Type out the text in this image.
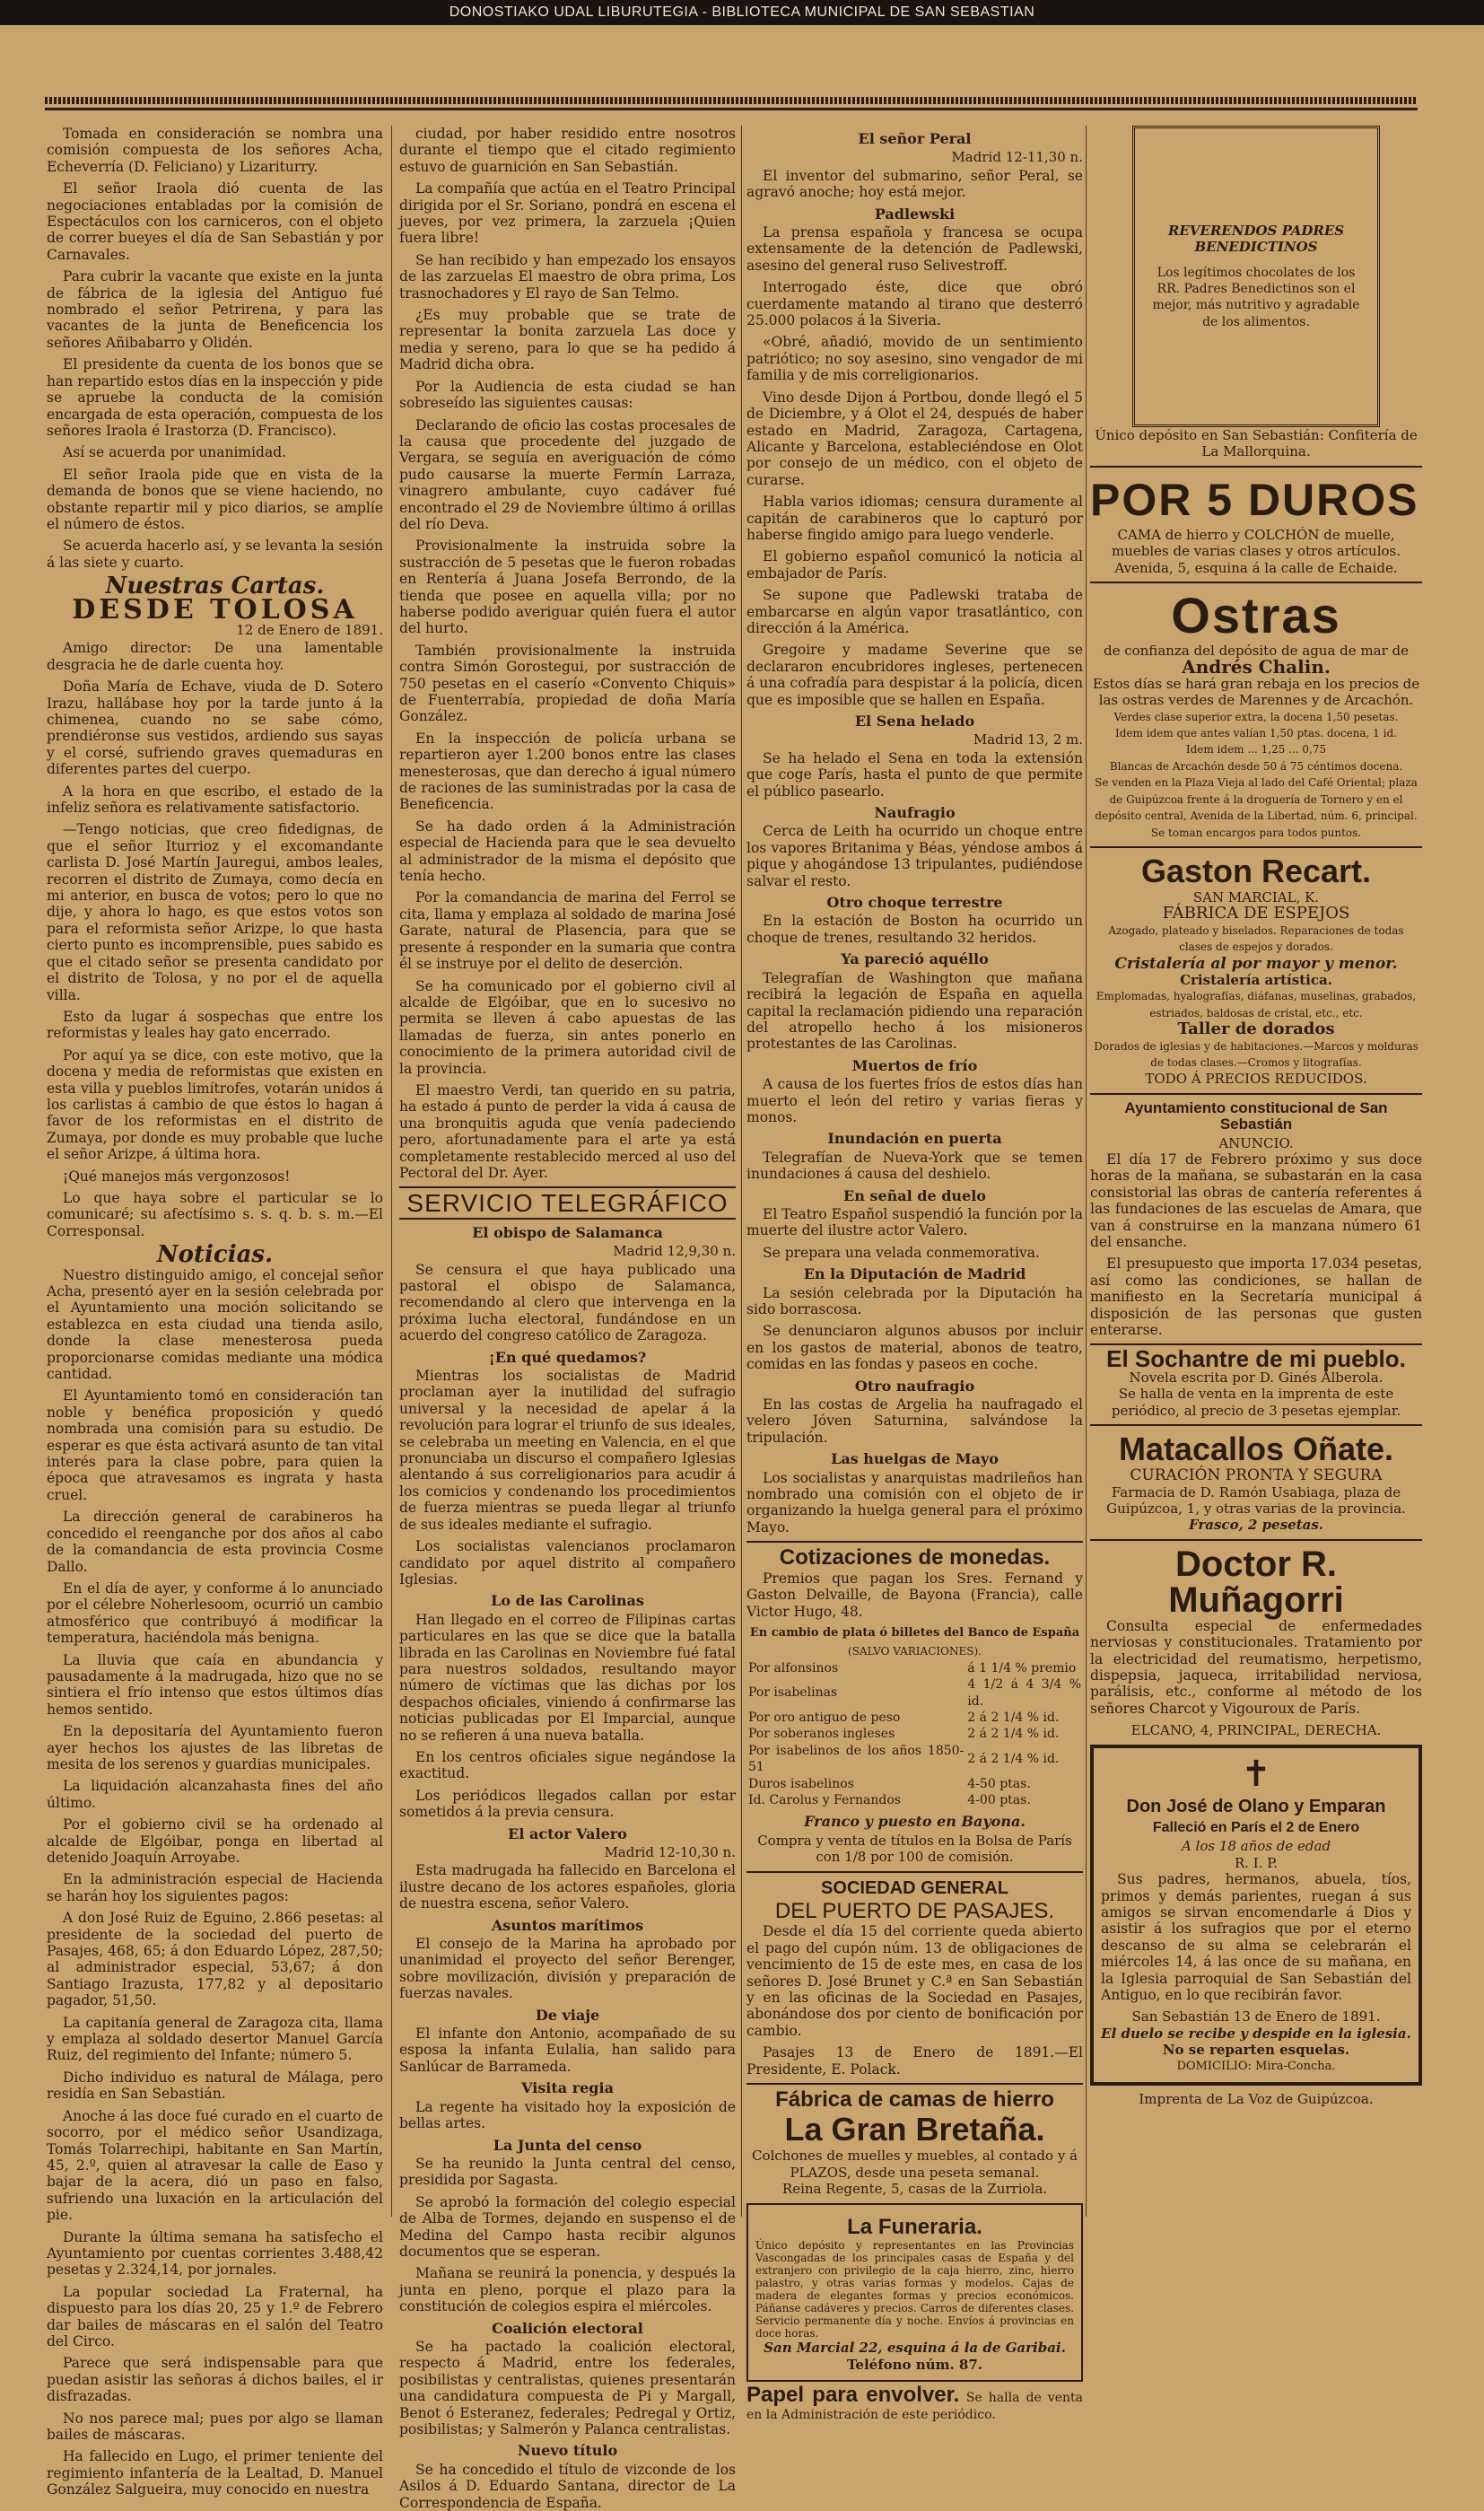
DONOSTIAKO UDAL LIBURUTEGIA - BIBLIOTECA MUNICIPAL DE SAN SEBASTIAN

Tomada en consideración se nombra una comisión compuesta de los señores Acha, Echeverría (D. Feliciano) y Lizariturry.

El señor Iraola dió cuenta de las negociaciones entabladas por la comisión de Espectáculos con los carniceros, con el objeto de correr bueyes el día de San Sebastián y por Carnavales.

Para cubrir la vacante que existe en la junta de fábrica de la iglesia del Antiguo fué nombrado el señor Petrirena, y para las vacantes de la junta de Beneficencia los señores Añibabarro y Olidén.

El presidente da cuenta de los bonos que se han repartido estos días en la inspección y pide se apruebe la conducta de la comisión encargada de esta operación, compuesta de los señores Iraola é Irastorza (D. Francisco).

Así se acuerda por unanimidad.

El señor Iraola pide que en vista de la demanda de bonos que se viene haciendo, no obstante repartir mil y pico diarios, se amplíe el número de éstos.

Se acuerda hacerlo así, y se levanta la sesión á las siete y cuarto.

Nuestras Cartas.
DESDE TOLOSA
12 de Enero de 1891.

Amigo director: De una lamentable desgracia he de darle cuenta hoy.

Doña María de Echave, viuda de D. Sotero Irazu, hallábase hoy por la tarde junto á la chimenea, cuando no se sabe cómo, prendiéronse sus vestidos, ardiendo sus sayas y el corsé, sufriendo graves quemaduras en diferentes partes del cuerpo.

A la hora en que escribo, el estado de la infeliz señora es relativamente satisfactorio.

—Tengo noticias, que creo fidedignas, de que el señor Iturrioz y el excomandante carlista D. José Martín Jauregui, ambos leales, recorren el distrito de Zumaya, como decía en mi anterior, en busca de votos; pero lo que no dije, y ahora lo hago, es que estos votos son para el reformista señor Arizpe, lo que hasta cierto punto es incomprensible, pues sabido es que el citado señor se presenta candidato por el distrito de Tolosa, y no por el de aquella villa.

Esto da lugar á sospechas que entre los reformistas y leales hay gato encerrado.

Por aquí ya se dice, con este motivo, que la docena y media de reformistas que existen en esta villa y pueblos limítrofes, votarán unidos á los carlistas á cambio de que éstos lo hagan á favor de los reformistas en el distrito de Zumaya, por donde es muy probable que luche el señor Arizpe, á última hora.

¡Qué manejos más vergonzosos!

Lo que haya sobre el particular se lo comunicaré; su afectísimo s. s. q. b. s. m.—El Corresponsal.

Noticias.

Nuestro distinguido amigo, el concejal señor Acha, presentó ayer en la sesión celebrada por el Ayuntamiento una moción solicitando se establezca en esta ciudad una tienda asilo, donde la clase menesterosa pueda proporcionarse comidas mediante una módica cantidad.

El Ayuntamiento tomó en consideración tan noble y benéfica proposición y quedó nombrada una comisión para su estudio. De esperar es que ésta activará asunto de tan vital interés para la clase pobre, para quien la época que atravesamos es ingrata y hasta cruel.

La dirección general de carabineros ha concedido el reenganche por dos años al cabo de la comandancia de esta provincia Cosme Dallo.

En el día de ayer, y conforme á lo anunciado por el célebre Noherlesoom, ocurrió un cambio atmosférico que contribuyó á modificar la temperatura, haciéndola más benigna.

La lluvia que caía en abundancia y pausadamente á la madrugada, hizo que no se sintiera el frío intenso que estos últimos días hemos sentido.

En la depositaría del Ayuntamiento fueron ayer hechos los ajustes de las libretas de mesita de los serenos y guardias municipales.

La liquidación alcanzahasta fines del año último.

Por el gobierno civil se ha ordenado al alcalde de Elgóibar, ponga en libertad al detenido Joaquín Arroyabe.

En la administración especial de Hacienda se harán hoy los siguientes pagos:

A don José Ruiz de Eguino, 2.866 pesetas: al presidente de la sociedad del puerto de Pasajes, 468, 65; á don Eduardo López, 287,50; al administrador especial, 53,67; á don Santiago Irazusta, 177,82 y al depositario pagador, 51,50.

La capitanía general de Zaragoza cita, llama y emplaza al soldado desertor Manuel García Ruiz, del regimiento del Infante; número 5.

Dicho individuo es natural de Málaga, pero residía en San Sebastián.

Anoche á las doce fué curado en el cuarto de socorro, por el médico señor Usandizaga, Tomás Tolarrechipi, habitante en San Martín, 45, 2.º, quien al atravesar la calle de Easo y bajar de la acera, dió un paso en falso, sufriendo una luxación en la articulación del pie.

Durante la última semana ha satisfecho el Ayuntamiento por cuentas corrientes 3.488,42 pesetas y 2.324,14, por jornales.

La popular sociedad La Fraternal, ha dispuesto para los días 20, 25 y 1.º de Febrero dar bailes de máscaras en el salón del Teatro del Circo.

Parece que será indispensable para que puedan asistir las señoras á dichos bailes, el ir disfrazadas.

No nos parece mal; pues por algo se llaman bailes de máscaras.

Ha fallecido en Lugo, el primer teniente del regimiento infantería de la Lealtad, D. Manuel González Salgueira, muy conocido en nuestra

ciudad, por haber residido entre nosotros durante el tiempo que el citado regimiento estuvo de guarnición en San Sebastián.

La compañía que actúa en el Teatro Principal dirigida por el Sr. Soriano, pondrá en escena el jueves, por vez primera, la zarzuela ¡Quien fuera libre!

Se han recibido y han empezado los ensayos de las zarzuelas El maestro de obra prima, Los trasnochadores y El rayo de San Telmo.

¿Es muy probable que se trate de representar la bonita zarzuela Las doce y media y sereno, para lo que se ha pedido á Madrid dicha obra.

Por la Audiencia de esta ciudad se han sobreseído las siguientes causas:

Declarando de oficio las costas procesales de la causa que procedente del juzgado de Vergara, se seguía en averiguación de cómo pudo causarse la muerte Fermín Larraza, vinagrero ambulante, cuyo cadáver fué encontrado el 29 de Noviembre último á orillas del río Deva.

Provisionalmente la instruida sobre la sustracción de 5 pesetas que le fueron robadas en Rentería á Juana Josefa Berrondo, de la tienda que posee en aquella villa; por no haberse podido averiguar quién fuera el autor del hurto.

También provisionalmente la instruida contra Simón Gorostegui, por sustracción de 750 pesetas en el caserío «Convento Chiquis» de Fuenterrabía, propiedad de doña María González.

En la inspección de policía urbana se repartieron ayer 1.200 bonos entre las clases menesterosas, que dan derecho á igual número de raciones de las suministradas por la casa de Beneficencia.

Se ha dado orden á la Administración especial de Hacienda para que le sea devuelto al administrador de la misma el depósito que tenía hecho.

Por la comandancia de marina del Ferrol se cita, llama y emplaza al soldado de marina José Garate, natural de Plasencia, para que se presente á responder en la sumaria que contra él se instruye por el delito de deserción.

Se ha comunicado por el gobierno civil al alcalde de Elgóibar, que en lo sucesivo no permita se lleven á cabo apuestas de las llamadas de fuerza, sin antes ponerlo en conocimiento de la primera autoridad civil de la provincia.

El maestro Verdi, tan querido en su patria, ha estado á punto de perder la vida á causa de una bronquitis aguda que venía padeciendo pero, afortunadamente para el arte ya está completamente restablecido merced al uso del Pectoral del Dr. Ayer.

SERVICIO TELEGRÁFICO
El obispo de Salamanca
Madrid 12,9,30 n.

Se censura el que haya publicado una pastoral el obispo de Salamanca, recomendando al clero que intervenga en la próxima lucha electoral, fundándose en un acuerdo del congreso católico de Zaragoza.

¡En qué quedamos?

Mientras los socialistas de Madrid proclaman ayer la inutilidad del sufragio universal y la necesidad de apelar á la revolución para lograr el triunfo de sus ideales, se celebraba un meeting en Valencia, en el que pronunciaba un discurso el compañero Iglesias alentando á sus correligionarios para acudir á los comicios y condenando los procedimientos de fuerza mientras se pueda llegar al triunfo de sus ideales mediante el sufragio.

Los socialistas valencianos proclamaron candidato por aquel distrito al compañero Iglesias.

Lo de las Carolinas

Han llegado en el correo de Filipinas cartas particulares en las que se dice que la batalla librada en las Carolinas en Noviembre fué fatal para nuestros soldados, resultando mayor número de víctimas que las dichas por los despachos oficiales, viniendo á confirmarse las noticias publicadas por El Imparcial, aunque no se refieren á una nueva batalla.

En los centros oficiales sigue negándose la exactitud.

Los periódicos llegados callan por estar sometidos á la previa censura.

El actor Valero
Madrid 12-10,30 n.

Esta madrugada ha fallecido en Barcelona el ilustre decano de los actores españoles, gloria de nuestra escena, señor Valero.

Asuntos marítimos

El consejo de la Marina ha aprobado por unanimidad el proyecto del señor Berenger, sobre movilización, división y preparación de fuerzas navales.

De viaje

El infante don Antonio, acompañado de su esposa la infanta Eulalia, han salido para Sanlúcar de Barrameda.

Visita regia

La regente ha visitado hoy la exposición de bellas artes.

La Junta del censo

Se ha reunido la Junta central del censo, presidida por Sagasta.

Se aprobó la formación del colegio especial de Alba de Tormes, dejando en suspenso el de Medina del Campo hasta recibir algunos documentos que se esperan.

Mañana se reunirá la ponencia, y después la junta en pleno, porque el plazo para la constitución de colegios espira el miércoles.

Coalición electoral

Se ha pactado la coalición electoral, respecto á Madrid, entre los federales, posibilistas y centralistas, quienes presentarán una candidatura compuesta de Pi y Margall, Benot ó Esteranez, federales; Pedregal y Ortiz, posibilistas; y Salmerón y Palanca centralistas.

Nuevo título

Se ha concedido el título de vizconde de los Asilos á D. Eduardo Santana, director de La Correspondencia de España.

El señor Peral
Madrid 12-11,30 n.

El inventor del submarino, señor Peral, se agravó anoche; hoy está mejor.

Padlewski

La prensa española y francesa se ocupa extensamente de la detención de Padlewski, asesino del general ruso Selivestroff.

Interrogado éste, dice que obró cuerdamente matando al tirano que desterró 25.000 polacos á la Siveria.

«Obré, añadió, movido de un sentimiento patriótico; no soy asesino, sino vengador de mi familia y de mis correligionarios.

Vino desde Dijon á Portbou, donde llegó el 5 de Diciembre, y á Olot el 24, después de haber estado en Madrid, Zaragoza, Cartagena, Alicante y Barcelona, estableciéndose en Olot por consejo de un médico, con el objeto de curarse.

Habla varios idiomas; censura duramente al capitán de carabineros que lo capturó por haberse fingido amigo para luego venderle.

El gobierno español comunicó la noticia al embajador de París.

Se supone que Padlewski trataba de embarcarse en algún vapor trasatlántico, con dirección á la América.

Gregoire y madame Severine que se declararon encubridores ingleses, pertenecen á una cofradía para despistar á la policía, dicen que es imposible que se hallen en España.

El Sena helado
Madrid 13, 2 m.

Se ha helado el Sena en toda la extensión que coge París, hasta el punto de que permite el público pasearlo.

Naufragio

Cerca de Leith ha ocurrido un choque entre los vapores Britanima y Béas, yéndose ambos á pique y ahogándose 13 tripulantes, pudiéndose salvar el resto.

Otro choque terrestre

En la estación de Boston ha ocurrido un choque de trenes, resultando 32 heridos.

Ya pareció aquéllo

Telegrafían de Washington que mañana recibirá la legación de España en aquella capital la reclamación pidiendo una reparación del atropello hecho á los misioneros protestantes de las Carolinas.

Muertos de frío

A causa de los fuertes fríos de estos días han muerto el león del retiro y varias fieras y monos.

Inundación en puerta

Telegrafían de Nueva-York que se temen inundaciones á causa del deshielo.

En señal de duelo

El Teatro Español suspendió la función por la muerte del ilustre actor Valero.

Se prepara una velada conmemorativa.

En la Diputación de Madrid

La sesión celebrada por la Diputación ha sido borrascosa.

Se denunciaron algunos abusos por incluir en los gastos de material, abonos de teatro, comidas en las fondas y paseos en coche.

Otro naufragio

En las costas de Argelia ha naufragado el velero Jóven Saturnina, salvándose la tripulación.

Las huelgas de Mayo

Los socialistas y anarquistas madrileños han nombrado una comisión con el objeto de ir organizando la huelga general para el próximo Mayo.

Cotizaciones de monedas.

Premios que pagan los Sres. Fernand y Gaston Delvaille, de Bayona (Francia), calle Victor Hugo, 48.

En cambio de plata ó billetes del Banco de España
(SALVO VARIACIONES).
Por alfonsinos	á 1 1/4 % premio
Por isabelinas	4 1/2 á 4 3/4 % id.
Por oro antiguo de peso	2 á 2 1/4 % id.
Por soberanos ingleses	2 á 2 1/4 % id.
Por isabelinos de los años 1850-51	2 á 2 1/4 % id.
Duros isabelinos	4-50 ptas.
Id. Carolus y Fernandos	4-00 ptas.
Franco y puesto en Bayona.
Compra y venta de títulos en la Bolsa de París con 1/8 por 100 de comisión.
SOCIEDAD GENERAL
DEL PUERTO DE PASAJES.

Desde el día 15 del corriente queda abierto el pago del cupón núm. 13 de obligaciones de vencimiento de 15 de este mes, en casa de los señores D. José Brunet y C.ª en San Sebastián y en las oficinas de la Sociedad en Pasajes, abonándose dos por ciento de bonificación por cambio.

Pasajes 13 de Enero de 1891.—El Presidente, E. Polack.

Fábrica de camas de hierro
La Gran Bretaña.
Colchones de muelles y muebles, al contado y á PLAZOS, desde una peseta semanal.
Reina Regente, 5, casas de la Zurriola.
La Funeraria.
Único depósito y representantes en las Provincias Vascongadas de los principales casas de España y del extranjero con privilegio de la caja hierro, zinc, hierro palastro, y otras varias formas y modelos. Cajas de madera de elegantes formas y precios económicos. Páñanse cadáveres y precios. Carros de diferentes clases. Servicio permanente día y noche. Envíos á provincias en doce horas.
San Marcial 22, esquina á la de Garibai.
Teléfono núm. 87.
Papel para envolver. Se halla de venta en la Administración de este periódico.
REVERENDOS PADRES BENEDICTINOS
Los legítimos chocolates de los RR. Padres Benedictinos son el mejor, más nutritivo y agradable de los alimentos.
Único depósito en San Sebastián: Confitería de La Mallorquina.
POR 5 DUROS
CAMA de hierro y COLCHÓN de muelle, muebles de varias clases y otros artículos.
Avenida, 5, esquina á la calle de Echaide.
Ostras
de confianza del depósito de agua de mar de
Andrés Chalin.
Estos días se hará gran rebaja en los precios de las ostras verdes de Marennes y de Arcachón.
Verdes clase superior extra, la docena 1,50 pesetas.
Idem idem que antes valían 1,50 ptas. docena, 1 id.
Idem idem ... 1,25 ... 0,75
Blancas de Arcachón desde 50 á 75 céntimos docena.
Se venden en la Plaza Vieja al lado del Café Oriental; plaza de Guipúzcoa frente á la droguería de Tornero y en el depósito central, Avenida de la Libertad, núm. 6, principal. Se toman encargos para todos puntos.
Gaston Recart.
SAN MARCIAL, K.
FÁBRICA DE ESPEJOS
Azogado, plateado y biselados. Reparaciones de todas clases de espejos y dorados.
Cristalería al por mayor y menor.
Cristalería artística.
Emplomadas, hyalografías, diáfanas, muselinas, grabados, estriados, baldosas de cristal, etc., etc.
Taller de dorados
Dorados de iglesias y de habitaciones.—Marcos y molduras de todas clases.—Cromos y litografías.
TODO Á PRECIOS REDUCIDOS.
Ayuntamiento constitucional de San Sebastián
ANUNCIO.

El día 17 de Febrero próximo y sus doce horas de la mañana, se subastarán en la casa consistorial las obras de cantería referentes á las fundaciones de las escuelas de Amara, que van á construirse en la manzana número 61 del ensanche.

El presupuesto que importa 17.034 pesetas, así como las condiciones, se hallan de manifiesto en la Secretaría municipal á disposición de las personas que gusten enterarse.

El Sochantre de mi pueblo.
Novela escrita por D. Ginés Alberola.
Se halla de venta en la imprenta de este periódico, al precio de 3 pesetas ejemplar.
Matacallos Oñate.
CURACIÓN PRONTA Y SEGURA
Farmacia de D. Ramón Usabiaga, plaza de Guipúzcoa, 1, y otras varias de la provincia.
Frasco, 2 pesetas.
Doctor R. Muñagorri

Consulta especial de enfermedades nerviosas y constitucionales. Tratamiento por la electricidad del reumatismo, herpetismo, dispepsia, jaqueca, irritabilidad nerviosa, parálisis, etc., conforme al método de los señores Charcot y Vigouroux de París.

ELCANO, 4, PRINCIPAL, DERECHA.
✝
Don José de Olano y Emparan
Falleció en París el 2 de Enero
A los 18 años de edad
R. I. P.

Sus padres, hermanos, abuela, tíos, primos y demás parientes, ruegan á sus amigos se sirvan encomendarle á Dios y asistir á los sufragios que por el eterno descanso de su alma se celebrarán el miércoles 14, á las once de su mañana, en la Iglesia parroquial de San Sebastián del Antiguo, en lo que recibirán favor.

San Sebastián 13 de Enero de 1891.
El duelo se recibe y despide en la iglesia.
No se reparten esquelas.
DOMICILIO: Mira-Concha.
Imprenta de La Voz de Guipúzcoa.
